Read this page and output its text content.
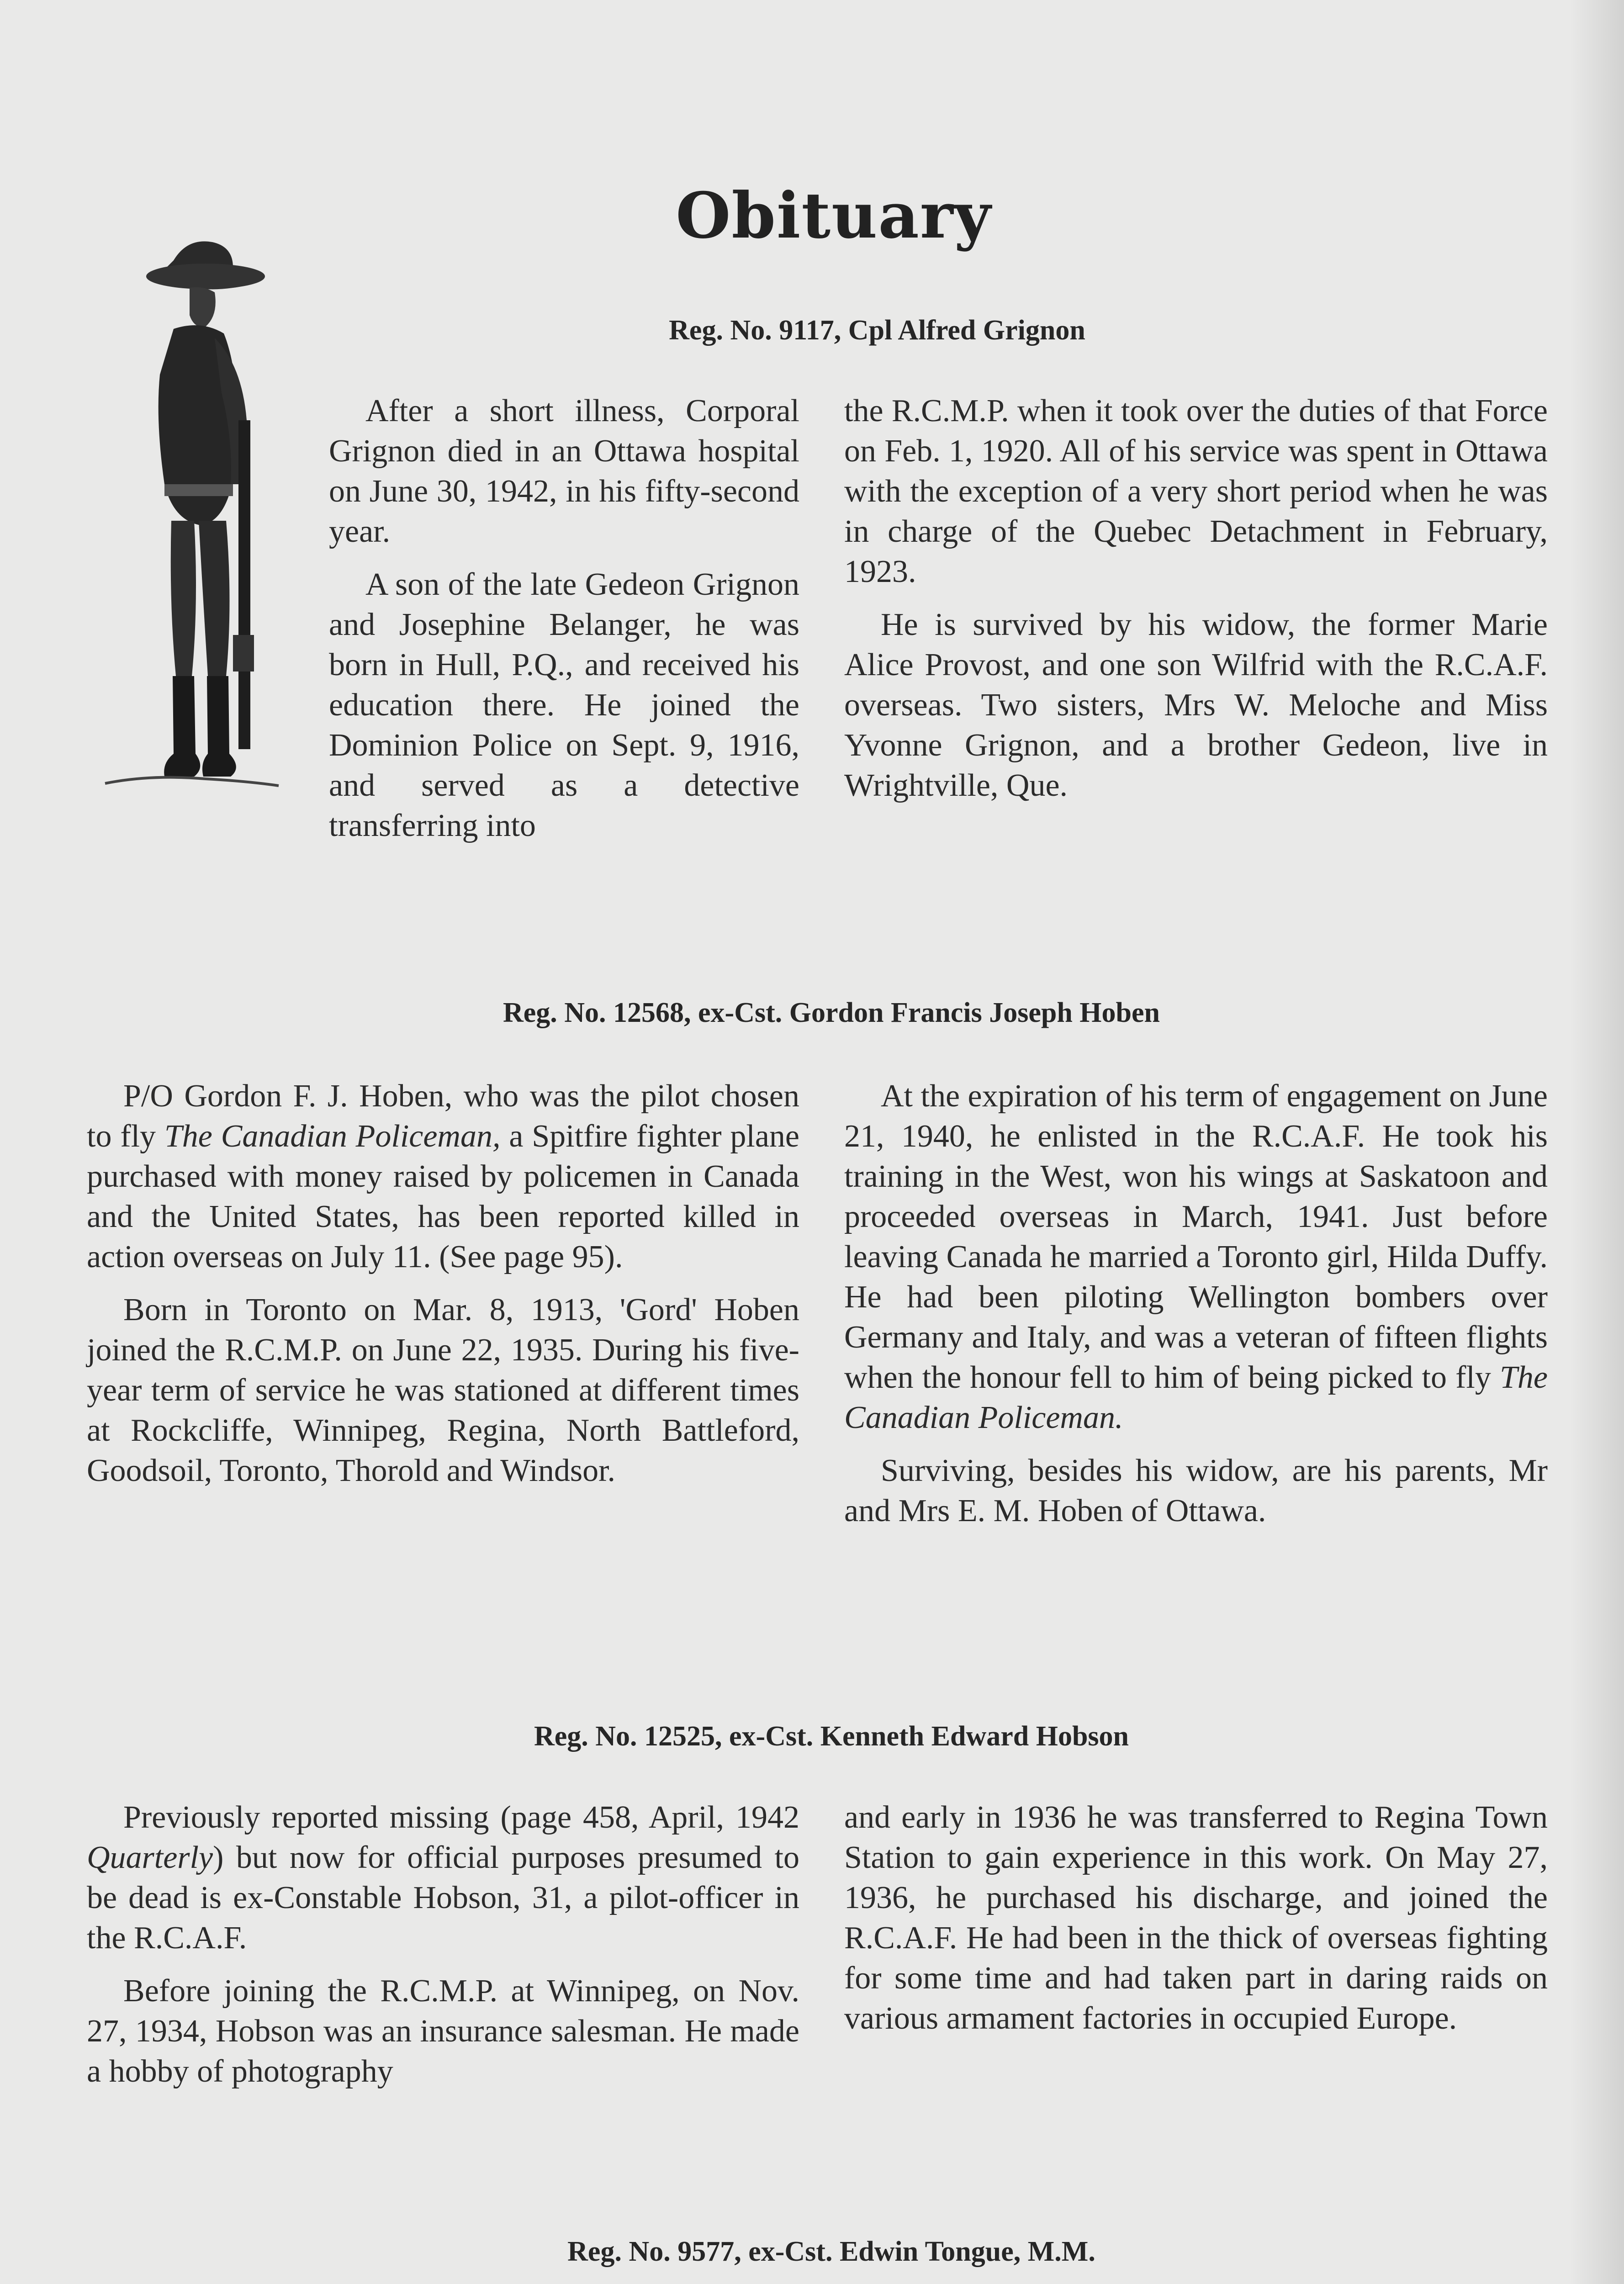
Obituary
Reg. No. 9117, Cpl Alfred Grignon

After a short illness, Corporal Grignon died in an Ottawa hospital on June 30, 1942, in his fifty-second year.

A son of the late Gedeon Grignon and Josephine Belanger, he was born in Hull, P.Q., and received his education there. He joined the Dominion Police on Sept. 9, 1916, and served as a detective transferring into

the R.C.M.P. when it took over the duties of that Force on Feb. 1, 1920. All of his service was spent in Ottawa with the exception of a very short period when he was in charge of the Quebec Detachment in February, 1923.

He is survived by his widow, the former Marie Alice Provost, and one son Wilfrid with the R.C.A.F. overseas. Two sisters, Mrs W. Meloche and Miss Yvonne Grignon, and a brother Gedeon, live in Wrightville, Que.

Reg. No. 12568, ex-Cst. Gordon Francis Joseph Hoben

P/O Gordon F. J. Hoben, who was the pilot chosen to fly The Canadian Policeman, a Spitfire fighter plane purchased with money raised by policemen in Canada and the United States, has been reported killed in action overseas on July 11. (See page 95).

Born in Toronto on Mar. 8, 1913, 'Gord' Hoben joined the R.C.M.P. on June 22, 1935. During his five-year term of service he was stationed at different times at Rockcliffe, Winnipeg, Regina, North Battleford, Goodsoil, Toronto, Thorold and Windsor.

At the expiration of his term of engagement on June 21, 1940, he enlisted in the R.C.A.F. He took his training in the West, won his wings at Saskatoon and proceeded overseas in March, 1941. Just before leaving Canada he married a Toronto girl, Hilda Duffy. He had been piloting Wellington bombers over Germany and Italy, and was a veteran of fifteen flights when the honour fell to him of being picked to fly The Canadian Policeman.

Surviving, besides his widow, are his parents, Mr and Mrs E. M. Hoben of Ottawa.

Reg. No. 12525, ex-Cst. Kenneth Edward Hobson

Previously reported missing (page 458, April, 1942 Quarterly) but now for official purposes presumed to be dead is ex-Constable Hobson, 31, a pilot-officer in the R.C.A.F.

Before joining the R.C.M.P. at Winnipeg, on Nov. 27, 1934, Hobson was an insurance salesman. He made a hobby of photography

and early in 1936 he was transferred to Regina Town Station to gain experience in this work. On May 27, 1936, he purchased his discharge, and joined the R.C.A.F. He had been in the thick of overseas fighting for some time and had taken part in daring raids on various armament factories in occupied Europe.

Reg. No. 9577, ex-Cst. Edwin Tongue, M.M.
